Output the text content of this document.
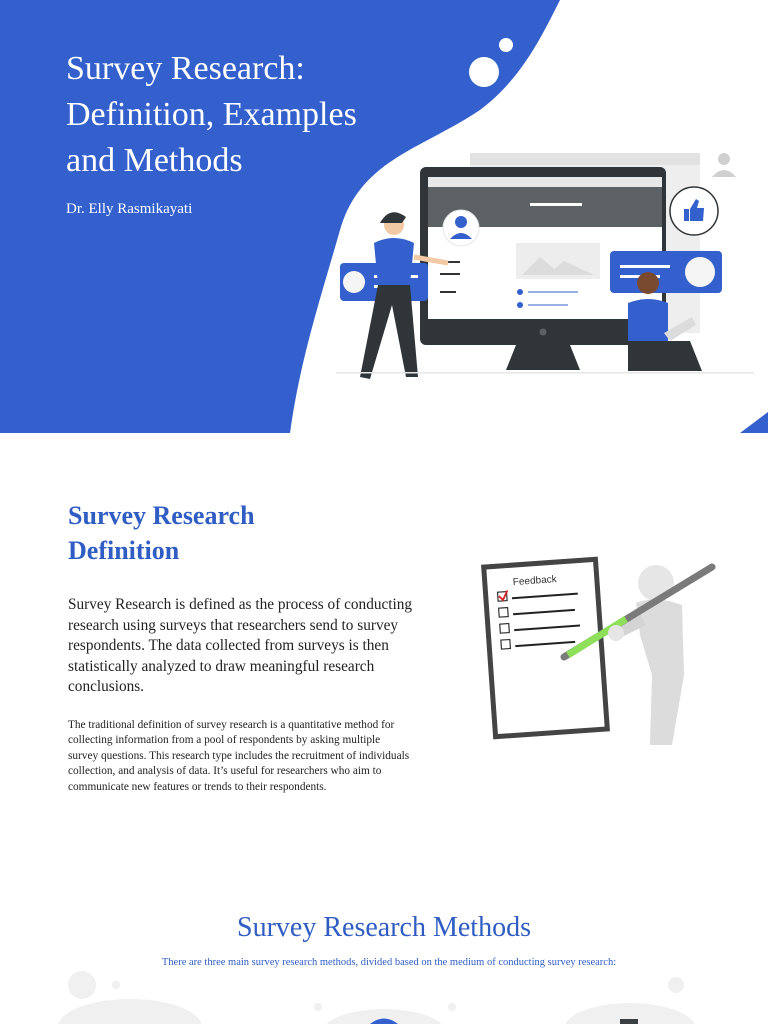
Survey Research:
Definition, Examples
and Methods
Dr. Elly Rasmikayati
Survey Research
Definition

Survey Research is defined as the process of conducting research using surveys that researchers send to survey respondents. The data collected from surveys is then statistically analyzed to draw meaningful research conclusions.

The traditional definition of survey research is a quantitative method for collecting information from a pool of respondents by asking multiple survey questions. This research type includes the recruitment of individuals collection, and analysis of data. It’s useful for researchers who aim to communicate new features or trends to their respondents.

Feedback
Survey Research Methods

There are three main survey research methods, divided based on the medium of conducting survey research:
